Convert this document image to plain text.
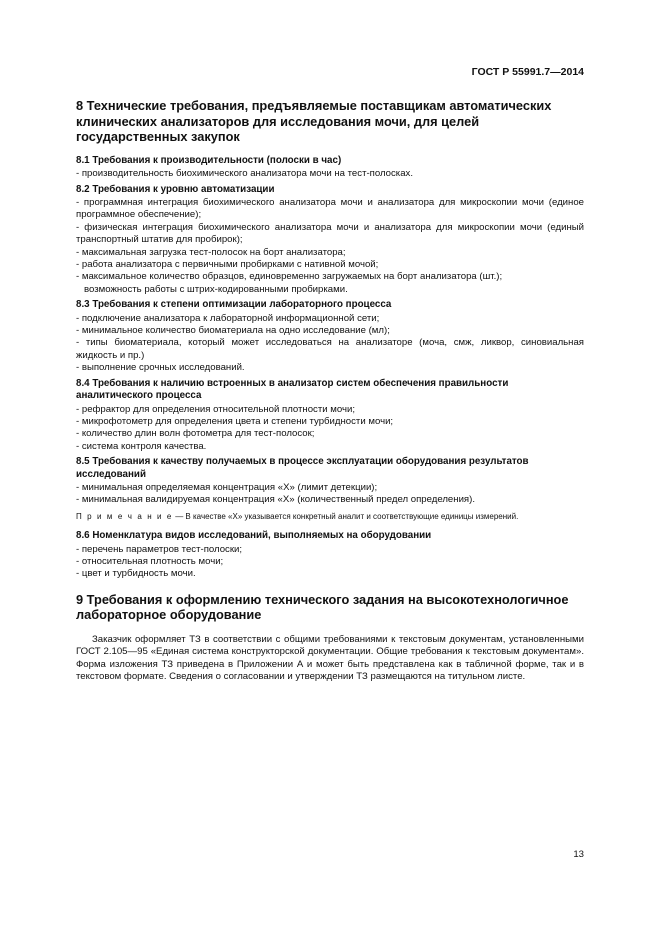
ГОСТ Р 55991.7—2014
8 Технические требования, предъявляемые поставщикам автоматических клинических анализаторов для исследования мочи, для целей государственных закупок
8.1 Требования к производительности (полоски в час)

- производительность биохимического анализатора мочи на тест-полосках.

8.2 Требования к уровню автоматизации

- программная интеграция биохимического анализатора мочи и анализатора для микроскопии мочи (единое программное обеспечение);

- физическая интеграция биохимического анализатора мочи и анализатора для микроскопии мочи (единый транспортный штатив для пробирок);

- максимальная загрузка тест-полосок на борт анализатора;

- работа анализатора с первичными пробирками с нативной мочой;

- максимальное количество образцов, единовременно загружаемых на борт анализатора (шт.);

возможность работы с штрих-кодированными пробирками.

8.3 Требования к степени оптимизации лабораторного процесса

- подключение анализатора к лабораторной информационной сети;

- минимальное количество биоматериала на одно исследование (мл);

- типы биоматериала, который может исследоваться на анализаторе (моча, смж, ликвор, синовиальная жидкость и пр.)

- выполнение срочных исследований.

8.4 Требования к наличию встроенных в анализатор систем обеспечения правильности аналитического процесса

- рефрактор для определения относительной плотности мочи;

- микрофотометр для определения цвета и степени турбидности мочи;

- количество длин волн фотометра для тест-полосок;

- система контроля качества.

8.5 Требования к качеству получаемых в процессе эксплуатации оборудования результатов исследований

- минимальная определяемая концентрация «Х» (лимит детекции);

- минимальная валидируемая концентрация «Х» (количественный предел определения).

П р и м е ч а н и е — В качестве «Х» указывается конкретный аналит и соответствующие единицы измерений.

8.6 Номенклатура видов исследований, выполняемых на оборудовании

- перечень параметров тест-полоски;

- относительная плотность мочи;

- цвет и турбидность мочи.

9 Требования к оформлению технического задания на высокотехнологичное лабораторное оборудование

Заказчик оформляет ТЗ в соответствии с общими требованиями к текстовым документам, установленными ГОСТ 2.105—95 «Единая система конструкторской документации. Общие требования к текстовым документам». Форма изложения ТЗ приведена в Приложении А и может быть представлена как в табличной форме, так и в текстовом формате. Сведения о согласовании и утверждении ТЗ размещаются на титульном листе.

13
